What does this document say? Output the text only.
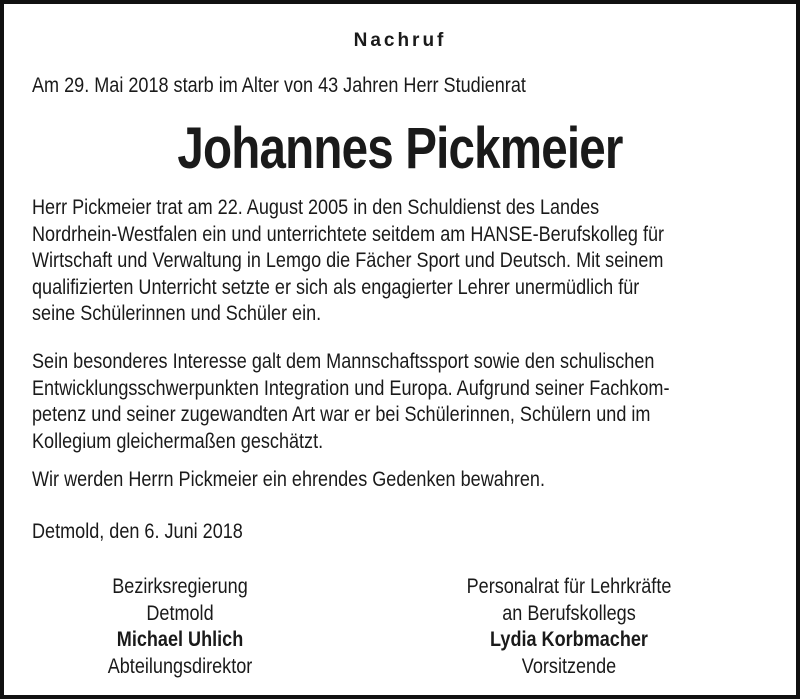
Nachruf
Am 29. Mai 2018 starb im Alter von 43 Jahren Herr Studienrat
Johannes Pickmeier
Herr Pickmeier trat am 22. August 2005 in den Schuldienst des Landes
Nordrhein-Westfalen ein und unterrichtete seitdem am HANSE-Berufskolleg für
Wirtschaft und Verwaltung in Lemgo die Fächer Sport und Deutsch. Mit seinem
qualifizierten Unterricht setzte er sich als engagierter Lehrer unermüdlich für
seine Schülerinnen und Schüler ein.
Sein besonderes Interesse galt dem Mannschaftssport sowie den schulischen
Entwicklungsschwerpunkten Integration und Europa. Aufgrund seiner Fachkom-
petenz und seiner zugewandten Art war er bei Schülerinnen, Schülern und im
Kollegium gleichermaßen geschätzt.
Wir werden Herrn Pickmeier ein ehrendes Gedenken bewahren.
Detmold, den 6. Juni 2018
Bezirksregierung
Detmold
Michael Uhlich
Abteilungsdirektor
Personalrat für Lehrkräfte
an Berufskollegs
Lydia Korbmacher
Vorsitzende
